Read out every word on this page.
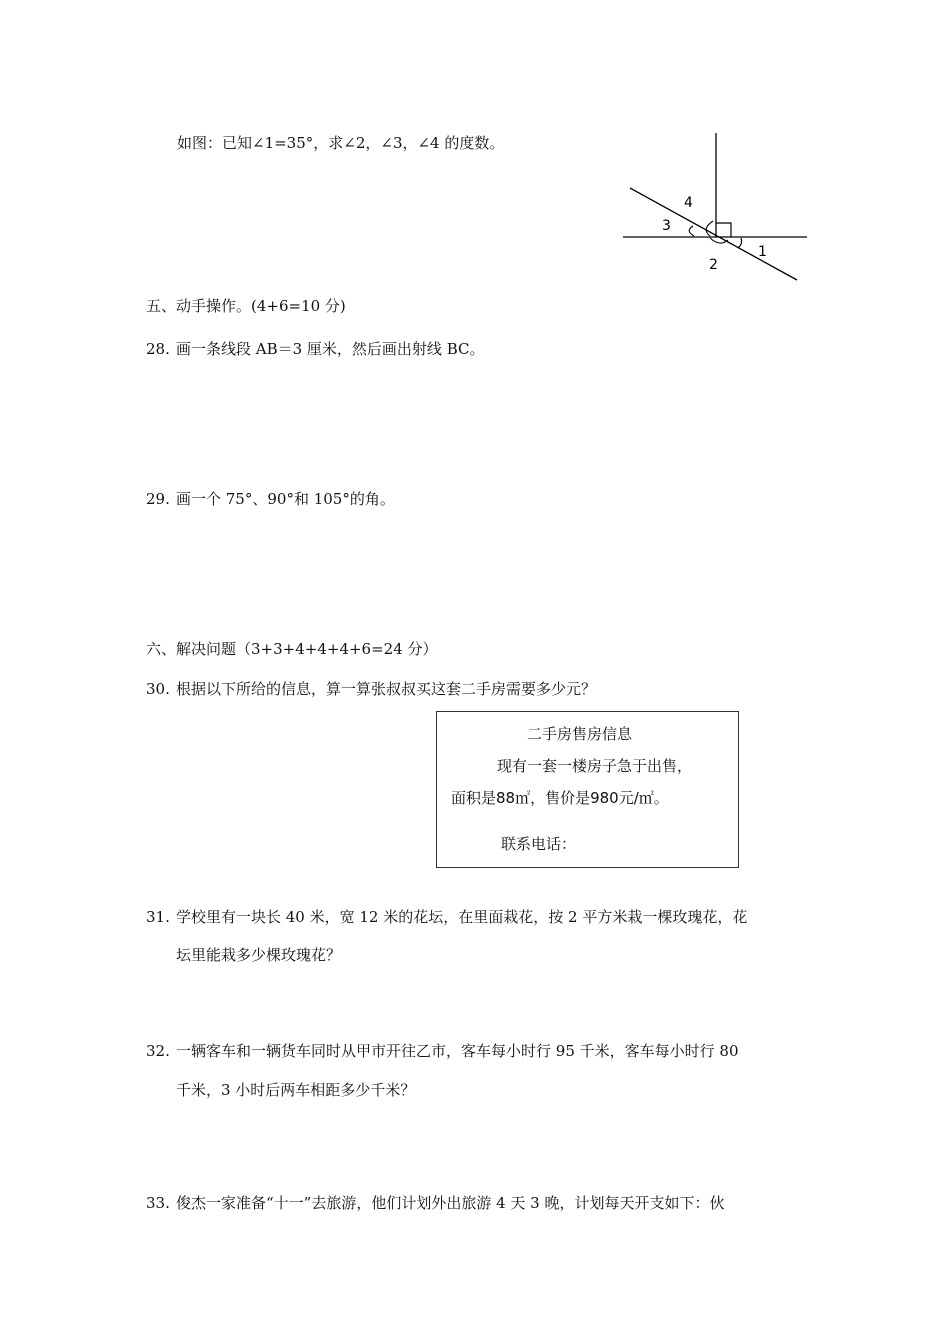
如图：已知∠1=35°，求∠2，∠3，∠4 的度数。
4
3
2
1
五、动手操作。(4+6=10 分)
28. 画一条线段 AB＝3 厘米，然后画出射线 BC。
29. 画一个 75°、90°和 105°的角。
六、解决问题（3+3+4+4+4+6=24 分）
30. 根据以下所给的信息，算一算张叔叔买这套二手房需要多少元？
二手房售房信息
现有一套一楼房子急于出售，
面积是88㎡，售价是980元/㎡。
联系电话：
31. 学校里有一块长 40 米，宽 12 米的花坛，在里面栽花，按 2 平方米栽一棵玫瑰花，花
坛里能栽多少棵玫瑰花？
32. 一辆客车和一辆货车同时从甲市开往乙市，客车每小时行 95 千米，客车每小时行 80
千米，3 小时后两车相距多少千米？
33. 俊杰一家准备“十一”去旅游，他们计划外出旅游 4 天 3 晚，计划每天开支如下：伙
